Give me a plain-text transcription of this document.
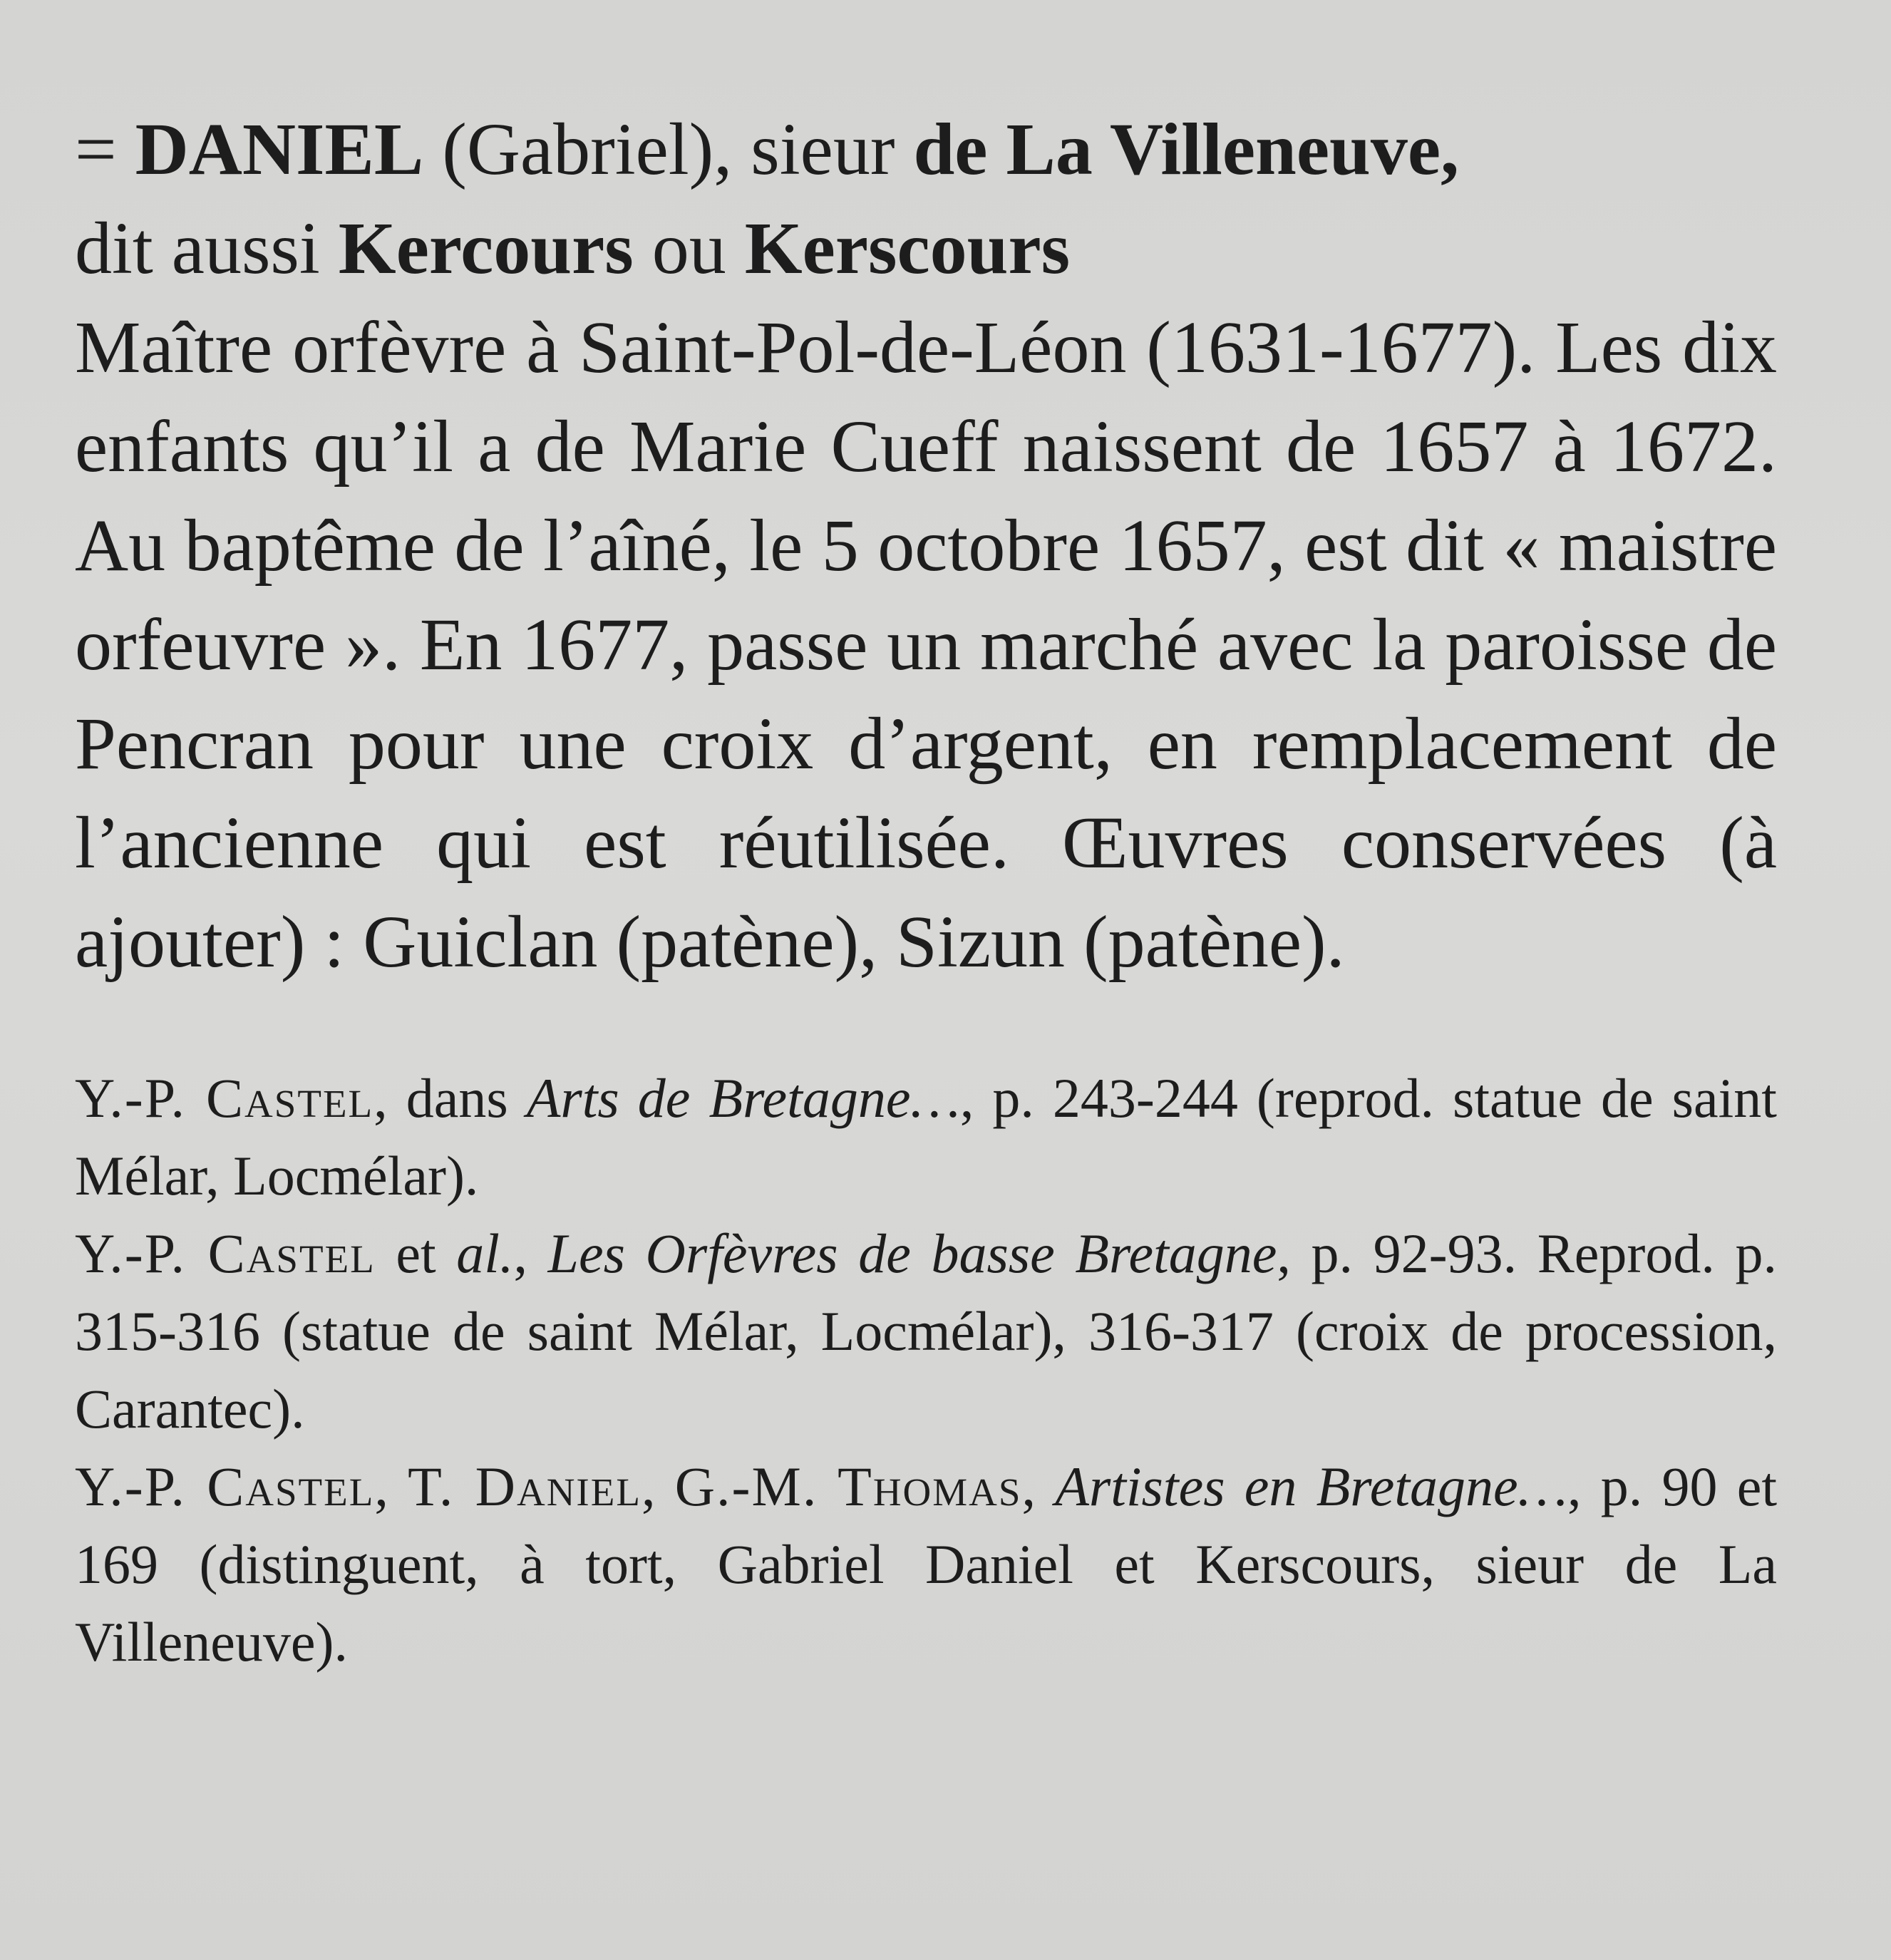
= DANIEL (Gabriel), sieur de La Villeneuve,
dit aussi Kercours ou Kerscours

Maître orfèvre à Saint-Pol-de-Léon (1631-1677). Les dix enfants qu’il a de Marie Cueff naissent de 1657 à 1672. Au baptême de l’aîné, le 5 octobre 1657, est dit « maistre orfeuvre ». En 1677, passe un marché avec la paroisse de Pencran pour une croix d’argent, en remplacement de l’ancienne qui est réutilisée. Œuvres conservées (à ajouter) : Guiclan (patène), Sizun (patène).

Y.-P. Castel, dans Arts de Bretagne…, p. 243-244 (reprod. statue de saint Mélar, Locmélar).

Y.-P. Castel et al., Les Orfèvres de basse Bretagne, p. 92-93. Reprod. p. 315-316 (statue de saint Mélar, Locmélar), 316-317 (croix de procession, Carantec).

Y.-P. Castel, T. Daniel, G.-M. Thomas, Artistes en Bretagne…, p. 90 et 169 (distinguent, à tort, Gabriel Daniel et Kerscours, sieur de La Villeneuve).
